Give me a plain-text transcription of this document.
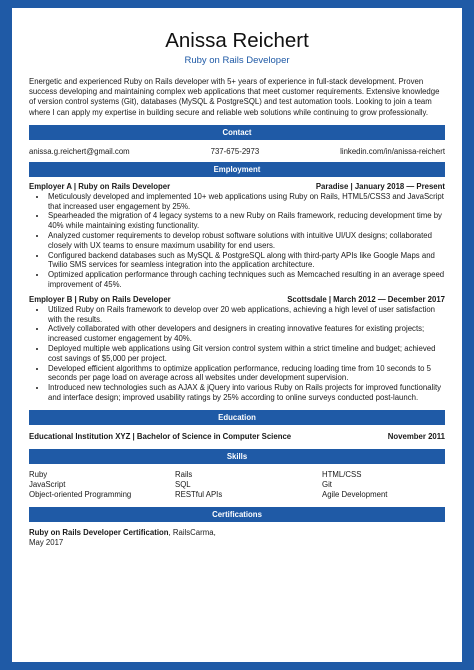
Anissa Reichert
Ruby on Rails Developer
Energetic and experienced Ruby on Rails developer with 5+ years of experience in full-stack development. Proven success developing and maintaining complex web applications that meet customer requirements. Extensive knowledge of version control systems (Git), databases (MySQL & PostgreSQL) and test automation tools. Looking to join a team where I can apply my expertise in building secure and reliable web solutions while continuing to grow professionally.
Contact
anissa.g.reichert@gmail.com	737-675-2973	linkedin.com/in/anissa-reichert
Employment
Employer A | Ruby on Rails Developer	Paradise | January 2018 — Present
• Meticulously developed and implemented 10+ web applications using Ruby on Rails, HTML5/CSS3 and JavaScript that increased user engagement by 25%.
• Spearheaded the migration of 4 legacy systems to a new Ruby on Rails framework, reducing development time by 40% while maintaining existing functionality.
• Analyzed customer requirements to develop robust software solutions with intuitive UI/UX designs; collaborated closely with UX teams to ensure maximum usability for end users.
• Configured backend databases such as MySQL & PostgreSQL along with third-party APIs like Google Maps and Twilio SMS services for seamless integration into the application architecture.
• Optimized application performance through caching techniques such as Memcached resulting in an average speed improvement of 45%.
Employer B | Ruby on Rails Developer	Scottsdale | March 2012 — December 2017
• Utilized Ruby on Rails framework to develop over 20 web applications, achieving a high level of user satisfaction with the results.
• Actively collaborated with other developers and designers in creating innovative features for existing projects; increased customer engagement by 40%.
• Deployed multiple web applications using Git version control system within a strict timeline and budget; achieved cost savings of $5,000 per project.
• Developed efficient algorithms to optimize application performance, reducing loading time from 10 seconds to 5 seconds per page load on average across all websites under development supervision.
• Introduced new technologies such as AJAX & jQuery into various Ruby on Rails projects for improved functionality and interface design; improved usability ratings by 25% according to online surveys conducted post-launch.
Education
Educational Institution XYZ | Bachelor of Science in Computer Science	November 2011
Skills
Ruby	Rails	HTML/CSS
JavaScript	SQL	Git
Object-oriented Programming	RESTful APIs	Agile Development
Certifications
Ruby on Rails Developer Certification, RailsCarma,
May 2017
